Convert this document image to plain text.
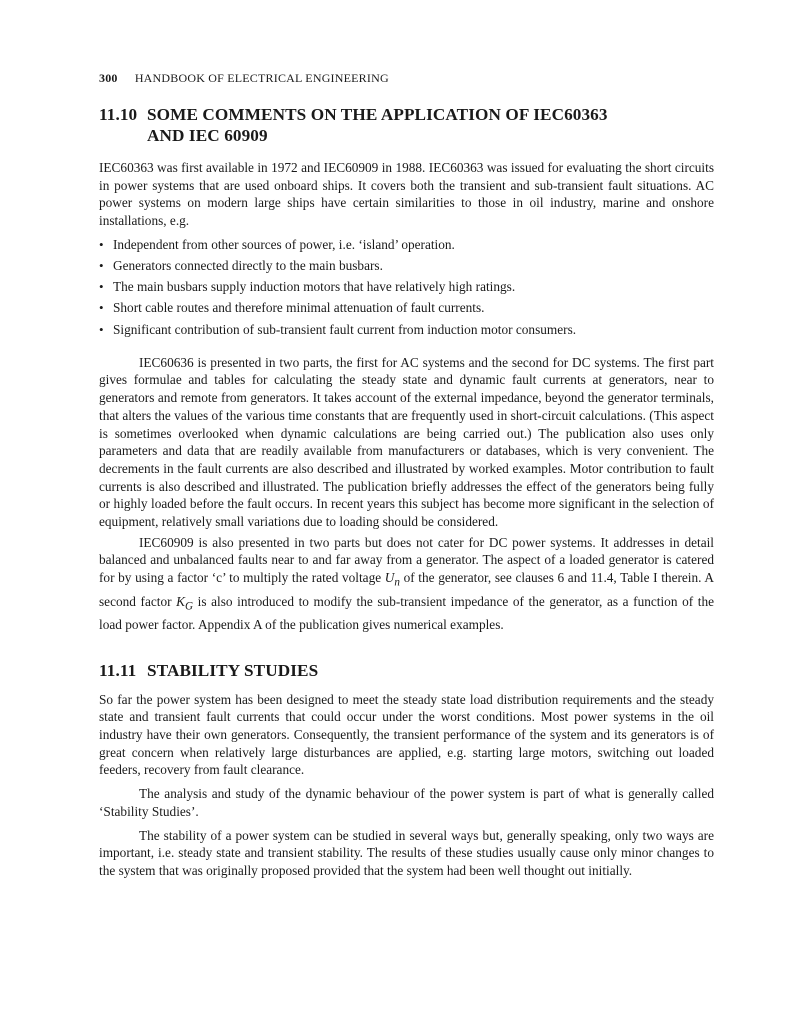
300 HANDBOOK OF ELECTRICAL ENGINEERING
11.10 SOME COMMENTS ON THE APPLICATION OF IEC60363
AND IEC 60909

IEC60363 was first available in 1972 and IEC60909 in 1988. IEC60363 was issued for evaluating the short circuits in power systems that are used onboard ships. It covers both the transient and sub-transient fault situations. AC power systems on modern large ships have certain similarities to those in oil industry, marine and onshore installations, e.g.

• Independent from other sources of power, i.e. ‘island’ operation.
• Generators connected directly to the main busbars.
• The main busbars supply induction motors that have relatively high ratings.
• Short cable routes and therefore minimal attenuation of fault currents.
• Significant contribution of sub-transient fault current from induction motor consumers.

IEC60636 is presented in two parts, the first for AC systems and the second for DC systems. The first part gives formulae and tables for calculating the steady state and dynamic fault currents at generators, near to generators and remote from generators. It takes account of the external impedance, beyond the generator terminals, that alters the values of the various time constants that are frequently used in short-circuit calculations. (This aspect is sometimes overlooked when dynamic calculations are being carried out.) The publication also uses only parameters and data that are readily available from manufacturers or databases, which is very convenient. The decrements in the fault currents are also described and illustrated by worked examples. Motor contribution to fault currents is also described and illustrated. The publication briefly addresses the effect of the generators being fully or highly loaded before the fault occurs. In recent years this subject has become more significant in the selection of equipment, relatively small variations due to loading should be considered.

IEC60909 is also presented in two parts but does not cater for DC power systems. It addresses in detail balanced and unbalanced faults near to and far away from a generator. The aspect of a loaded generator is catered for by using a factor ‘c’ to multiply the rated voltage $U_n$ of the generator, see clauses 6 and 11.4, Table I therein. A second factor $K_G$ is also introduced to modify the sub-transient impedance of the generator, as a function of the load power factor. Appendix A of the publication gives numerical examples.

11.11 STABILITY STUDIES

So far the power system has been designed to meet the steady state load distribution requirements and the steady state and transient fault currents that could occur under the worst conditions. Most power systems in the oil industry have their own generators. Consequently, the transient performance of the system and its generators is of great concern when relatively large disturbances are applied, e.g. starting large motors, switching out loaded feeders, recovery from fault clearance.

The analysis and study of the dynamic behaviour of the power system is part of what is generally called ‘Stability Studies’.

The stability of a power system can be studied in several ways but, generally speaking, only two ways are important, i.e. steady state and transient stability. The results of these studies usually cause only minor changes to the system that was originally proposed provided that the system had been well thought out initially.
